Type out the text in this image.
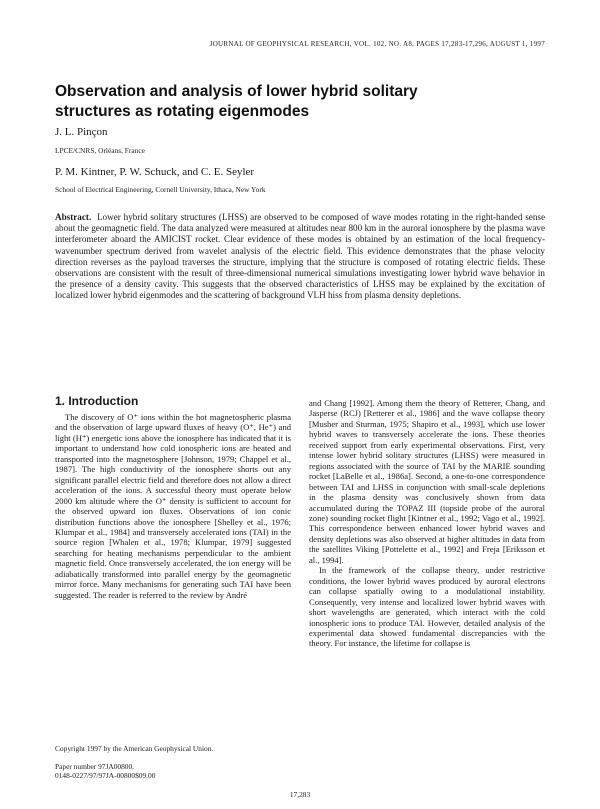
JOURNAL OF GEOPHYSICAL RESEARCH, VOL. 102, NO. A8, PAGES 17,283-17,296, AUGUST 1, 1997
Observation and analysis of lower hybrid solitary
structures as rotating eigenmodes
J. L. Pinçon
LPCE/CNRS, Orléans, France
P. M. Kintner, P. W. Schuck, and C. E. Seyler
School of Electrical Engineering, Cornell University, Ithaca, New York

Abstract. Lower hybrid solitary structures (LHSS) are observed to be composed of wave modes rotating in the right-handed sense about the geomagnetic field. The data analyzed were measured at altitudes near 800 km in the auroral ionosphere by the plasma wave interferometer aboard the AMICIST rocket. Clear evidence of these modes is obtained by an estimation of the local frequency-wavenumber spectrum derived from wavelet analysis of the electric field. This evidence demonstrates that the phase velocity direction reverses as the payload traverses the structure, implying that the structure is composed of rotating electric fields. These observations are consistent with the result of three-dimensional numerical simulations investigating lower hybrid wave behavior in the presence of a density cavity. This suggests that the observed characteristics of LHSS may be explained by the excitation of localized lower hybrid eigenmodes and the scattering of background VLH hiss from plasma density depletions.

1. Introduction

The discovery of O⁺ ions within the hot magnetospheric plasma and the observation of large upward fluxes of heavy (O⁺, He⁺) and light (H⁺) energetic ions above the ionosphere has indicated that it is important to understand how cold ionospheric ions are heated and transported into the magnetosphere [Johnson, 1979; Chappel et al., 1987]. The high conductivity of the ionosphere shorts out any significant parallel electric field and therefore does not allow a direct acceleration of the ions. A successful theory must operate below 2000 km altitude where the O⁺ density is sufficient to account for the observed upward ion fluxes. Observations of ion conic distribution functions above the ionosphere [Shelley et al., 1976; Klumpar et al., 1984] and transversely accelerated ions (TAI) in the source region [Whalen et al., 1978; Klumpar, 1979] suggested searching for heating mechanisms perpendicular to the ambient magnetic field. Once transversely accelerated, the ion energy will be adiabatically transformed into parallel energy by the geomagnetic mirror force. Many mechanisms for generating such TAI have been suggested. The reader is referred to the review by André

and Chang [1992]. Among them the theory of Retterer, Chang, and Jasperse (RCJ) [Retterer et al., 1986] and the wave collapse theory [Musher and Sturman, 1975; Shapiro et al., 1993], which use lower hybrid waves to transversely accelerate the ions. These theories received support from early experimental observations. First, very intense lower hybrid solitary structures (LHSS) were measured in regions associated with the source of TAI by the MARIE sounding rocket [LaBelle et al., 1986a]. Second, a one-to-one correspondence between TAI and LHSS in conjunction with small-scale depletions in the plasma density was conclusively shown from data accumulated during the TOPAZ III (topside probe of the auroral zone) sounding rocket flight [Kintner et al., 1992; Vago et al., 1992]. This correspondence between enhanced lower hybrid waves and density depletions was also observed at higher altitudes in data from the satellites Viking [Pottelette et al., 1992] and Freja [Eriksson et al., 1994].

In the framework of the collapse theory, under restrictive conditions, the lower hybrid waves produced by auroral electrons can collapse spatially owing to a modulational instability. Consequently, very intense and localized lower hybrid waves with short wavelengths are generated, which interact with the cold ionospheric ions to produce TAI. However, detailed analysis of the experimental data showed fundamental discrepancies with the theory. For instance, the lifetime for collapse is

Copyright 1997 by the American Geophysical Union.

Paper number 97JA00800.

0148-0227/97/97JA-00800$09.00

17,283
